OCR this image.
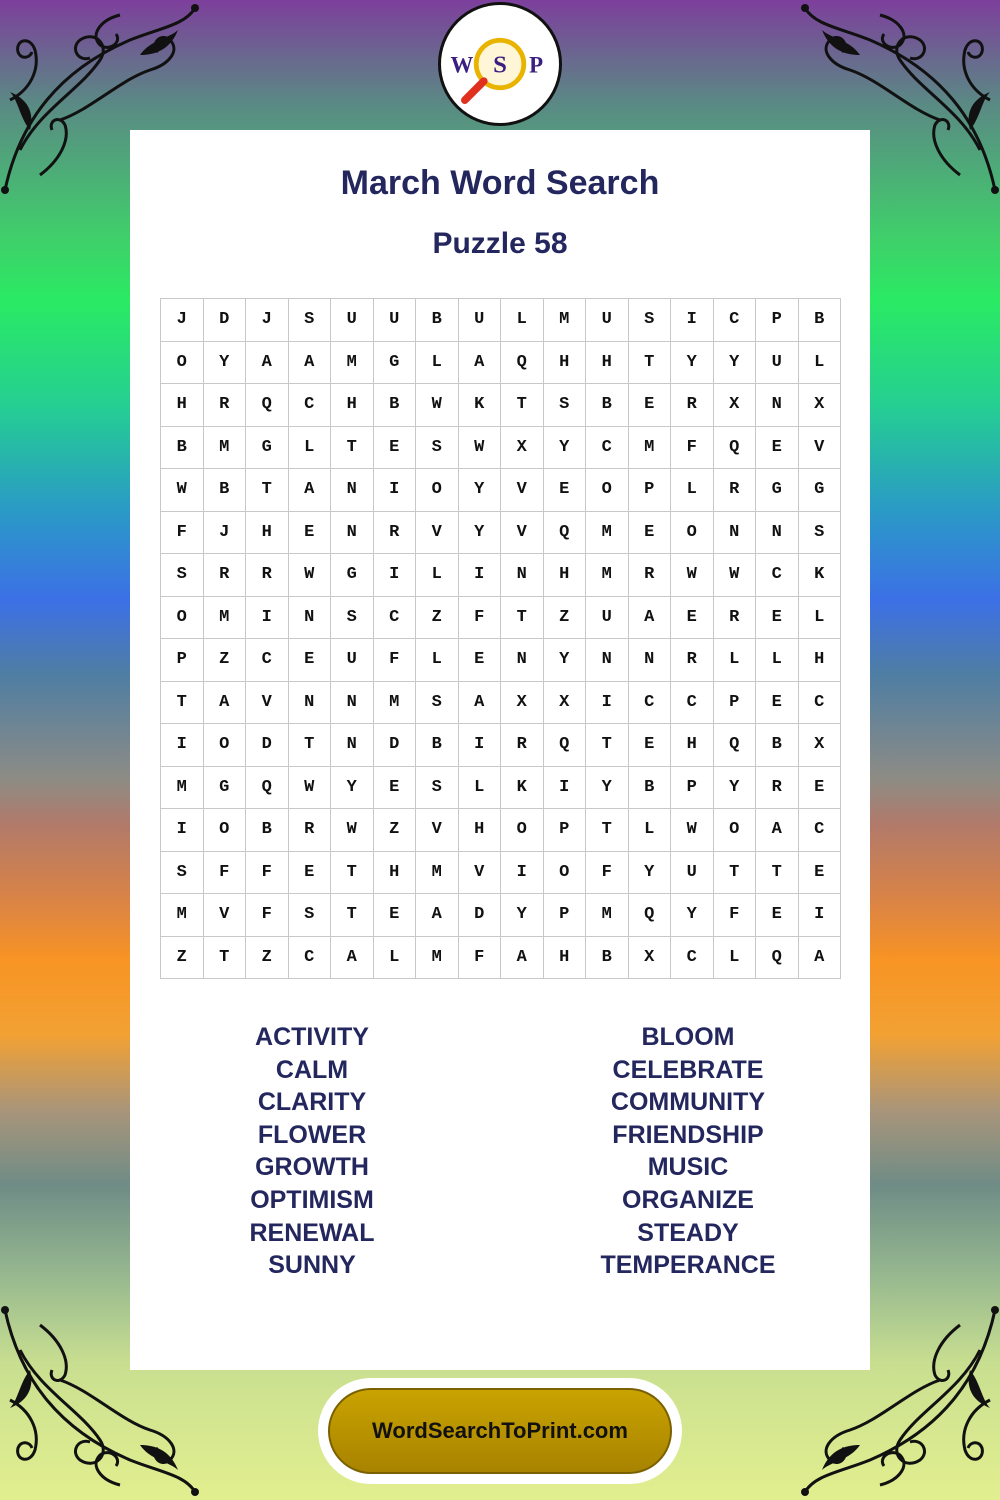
W S P
March Word Search
Puzzle 58
J	D	J	S	U	U	B	U	L	M	U	S	I	C	P	B
O	Y	A	A	M	G	L	A	Q	H	H	T	Y	Y	U	L
H	R	Q	C	H	B	W	K	T	S	B	E	R	X	N	X
B	M	G	L	T	E	S	W	X	Y	C	M	F	Q	E	V
W	B	T	A	N	I	O	Y	V	E	O	P	L	R	G	G
F	J	H	E	N	R	V	Y	V	Q	M	E	O	N	N	S
S	R	R	W	G	I	L	I	N	H	M	R	W	W	C	K
O	M	I	N	S	C	Z	F	T	Z	U	A	E	R	E	L
P	Z	C	E	U	F	L	E	N	Y	N	N	R	L	L	H
T	A	V	N	N	M	S	A	X	X	I	C	C	P	E	C
I	O	D	T	N	D	B	I	R	Q	T	E	H	Q	B	X
M	G	Q	W	Y	E	S	L	K	I	Y	B	P	Y	R	E
I	O	B	R	W	Z	V	H	O	P	T	L	W	O	A	C
S	F	F	E	T	H	M	V	I	O	F	Y	U	T	T	E
M	V	F	S	T	E	A	D	Y	P	M	Q	Y	F	E	I
Z	T	Z	C	A	L	M	F	A	H	B	X	C	L	Q	A
ACTIVITY
CALM
CLARITY
FLOWER
GROWTH
OPTIMISM
RENEWAL
SUNNY
BLOOM
CELEBRATE
COMMUNITY
FRIENDSHIP
MUSIC
ORGANIZE
STEADY
TEMPERANCE
WordSearchToPrint.com
